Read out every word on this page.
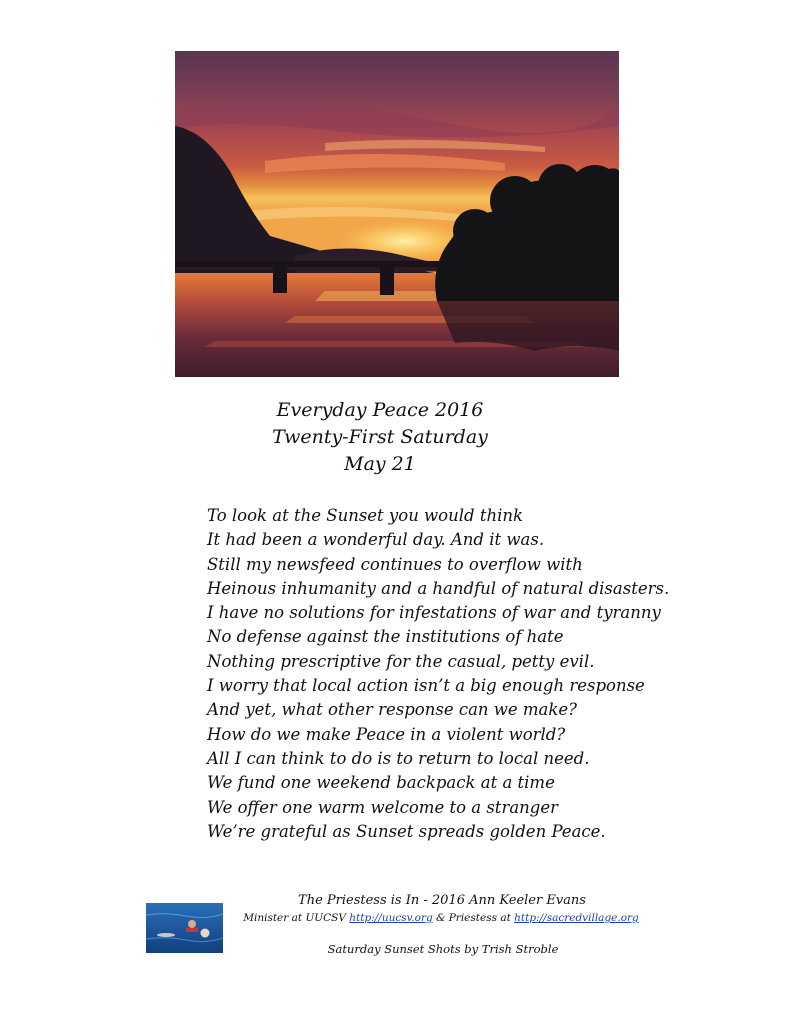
Everyday Peace 2016
Twenty-First Saturday
May 21
To look at the Sunset you would think
It had been a wonderful day. And it was.
Still my newsfeed continues to overflow with
Heinous inhumanity and a handful of natural disasters.
I have no solutions for infestations of war and tyranny
No defense against the institutions of hate
Nothing prescriptive for the casual, petty evil.
I worry that local action isn’t a big enough response
And yet, what other response can we make?
How do we make Peace in a violent world?
All I can think to do is to return to local need.
We fund one weekend backpack at a time
We offer one warm welcome to a stranger
We’re grateful as Sunset spreads golden Peace.
The Priestess is In - 2016 Ann Keeler Evans
Minister at UUCSV http://uucsv.org & Priestess at http://sacredvillage.org
Saturday Sunset Shots by Trish Stroble
